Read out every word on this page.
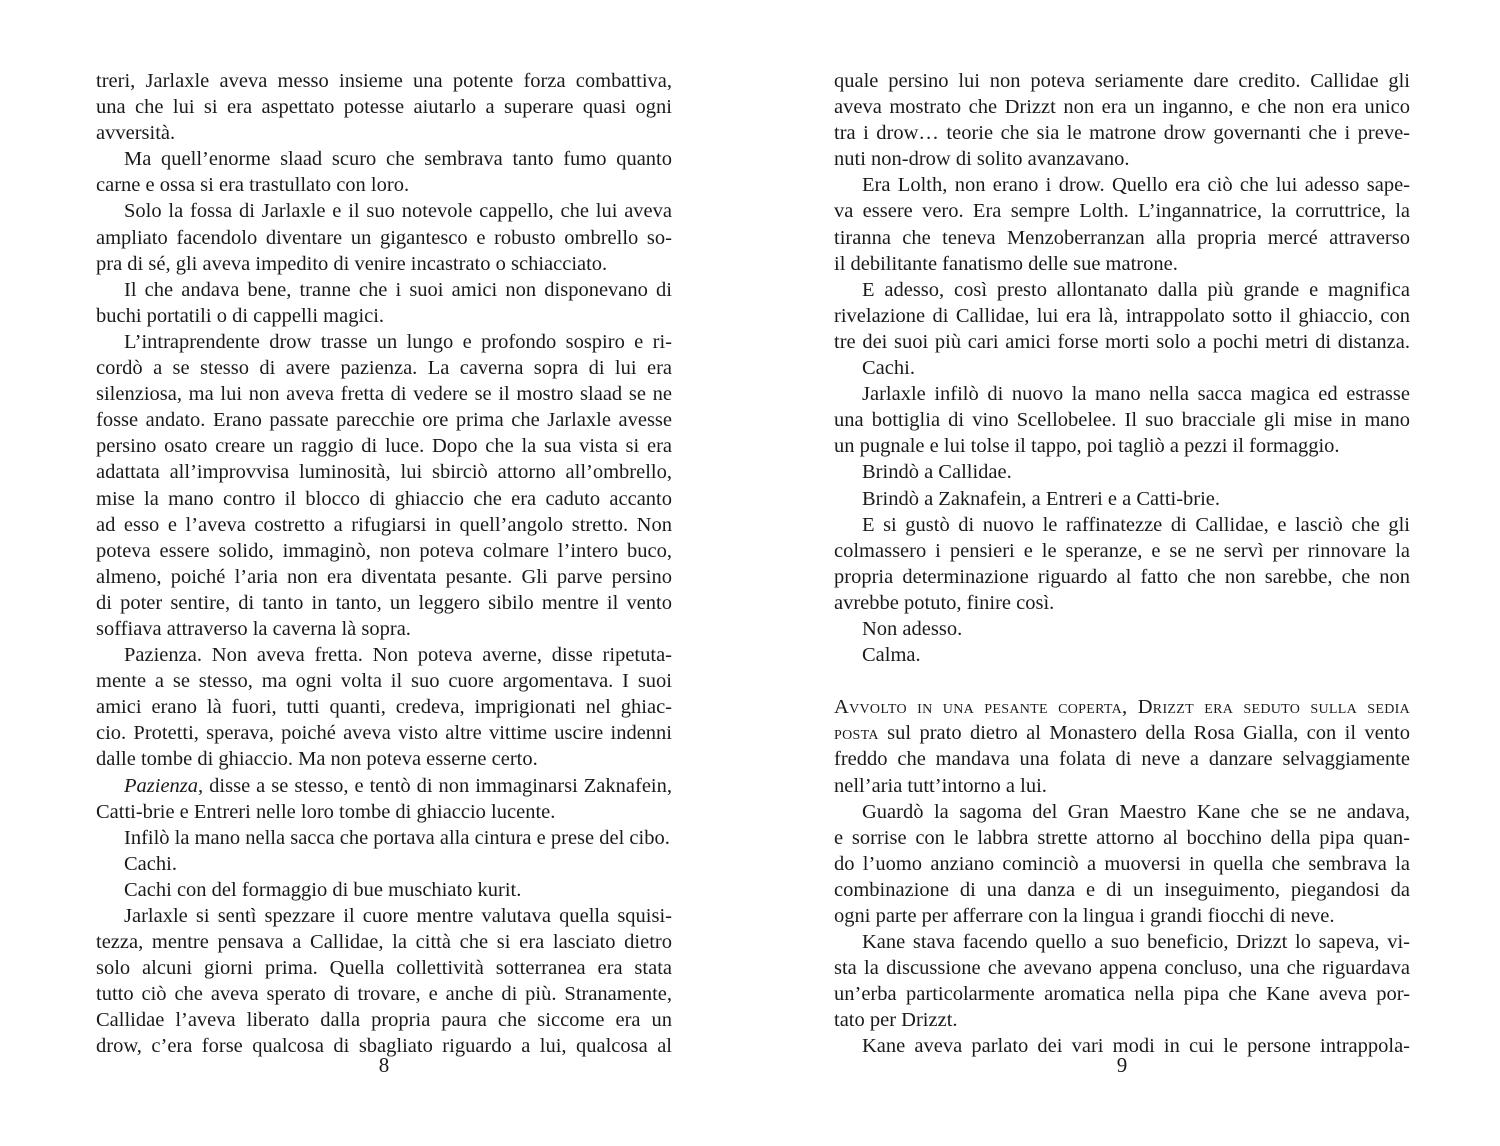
treri, Jarlaxle aveva messo insieme una potente forza combattiva,
una che lui si era aspettato potesse aiutarlo a superare quasi ogni
avversità.
Ma quell’enorme slaad scuro che sembrava tanto fumo quanto
carne e ossa si era trastullato con loro.
Solo la fossa di Jarlaxle e il suo notevole cappello, che lui aveva
ampliato facendolo diventare un gigantesco e robusto ombrello so-
pra di sé, gli aveva impedito di venire incastrato o schiacciato.
Il che andava bene, tranne che i suoi amici non disponevano di
buchi portatili o di cappelli magici.
L’intraprendente drow trasse un lungo e profondo sospiro e ri-
cordò a se stesso di avere pazienza. La caverna sopra di lui era
silenziosa, ma lui non aveva fretta di vedere se il mostro slaad se ne
fosse andato. Erano passate parecchie ore prima che Jarlaxle avesse
persino osato creare un raggio di luce. Dopo che la sua vista si era
adattata all’improvvisa luminosità, lui sbirciò attorno all’ombrello,
mise la mano contro il blocco di ghiaccio che era caduto accanto
ad esso e l’aveva costretto a rifugiarsi in quell’angolo stretto. Non
poteva essere solido, immaginò, non poteva colmare l’intero buco,
almeno, poiché l’aria non era diventata pesante. Gli parve persino
di poter sentire, di tanto in tanto, un leggero sibilo mentre il vento
soffiava attraverso la caverna là sopra.
Pazienza. Non aveva fretta. Non poteva averne, disse ripetuta-
mente a se stesso, ma ogni volta il suo cuore argomentava. I suoi
amici erano là fuori, tutti quanti, credeva, imprigionati nel ghiac-
cio. Protetti, sperava, poiché aveva visto altre vittime uscire indenni
dalle tombe di ghiaccio. Ma non poteva esserne certo.
Pazienza, disse a se stesso, e tentò di non immaginarsi Zaknafein,
Catti-brie e Entreri nelle loro tombe di ghiaccio lucente.
Infilò la mano nella sacca che portava alla cintura e prese del cibo.
Cachi.
Cachi con del formaggio di bue muschiato kurit.
Jarlaxle si sentì spezzare il cuore mentre valutava quella squisi-
tezza, mentre pensava a Callidae, la città che si era lasciato dietro
solo alcuni giorni prima. Quella collettività sotterranea era stata
tutto ciò che aveva sperato di trovare, e anche di più. Stranamente,
Callidae l’aveva liberato dalla propria paura che siccome era un
drow, c’era forse qualcosa di sbagliato riguardo a lui, qualcosa al
quale persino lui non poteva seriamente dare credito. Callidae gli
aveva mostrato che Drizzt non era un inganno, e che non era unico
tra i drow… teorie che sia le matrone drow governanti che i preve-
nuti non-drow di solito avanzavano.
Era Lolth, non erano i drow. Quello era ciò che lui adesso sape-
va essere vero. Era sempre Lolth. L’ingannatrice, la corruttrice, la
tiranna che teneva Menzoberranzan alla propria mercé attraverso
il debilitante fanatismo delle sue matrone.
E adesso, così presto allontanato dalla più grande e magnifica
rivelazione di Callidae, lui era là, intrappolato sotto il ghiaccio, con
tre dei suoi più cari amici forse morti solo a pochi metri di distanza.
Cachi.
Jarlaxle infilò di nuovo la mano nella sacca magica ed estrasse
una bottiglia di vino Scellobelee. Il suo bracciale gli mise in mano
un pugnale e lui tolse il tappo, poi tagliò a pezzi il formaggio.
Brindò a Callidae.
Brindò a Zaknafein, a Entreri e a Catti-brie.
E si gustò di nuovo le raffinatezze di Callidae, e lasciò che gli
colmassero i pensieri e le speranze, e se ne servì per rinnovare la
propria determinazione riguardo al fatto che non sarebbe, che non
avrebbe potuto, finire così.
Non adesso.
Calma.
Avvolto in una pesante coperta, Drizzt era seduto sulla sedia
posta sul prato dietro al Monastero della Rosa Gialla, con il vento
freddo che mandava una folata di neve a danzare selvaggiamente
nell’aria tutt’intorno a lui.
Guardò la sagoma del Gran Maestro Kane che se ne andava,
e sorrise con le labbra strette attorno al bocchino della pipa quan-
do l’uomo anziano cominciò a muoversi in quella che sembrava la
combinazione di una danza e di un inseguimento, piegandosi da
ogni parte per afferrare con la lingua i grandi fiocchi di neve.
Kane stava facendo quello a suo beneficio, Drizzt lo sapeva, vi-
sta la discussione che avevano appena concluso, una che riguardava
un’erba particolarmente aromatica nella pipa che Kane aveva por-
tato per Drizzt.
Kane aveva parlato dei vari modi in cui le persone intrappola-
8	9
